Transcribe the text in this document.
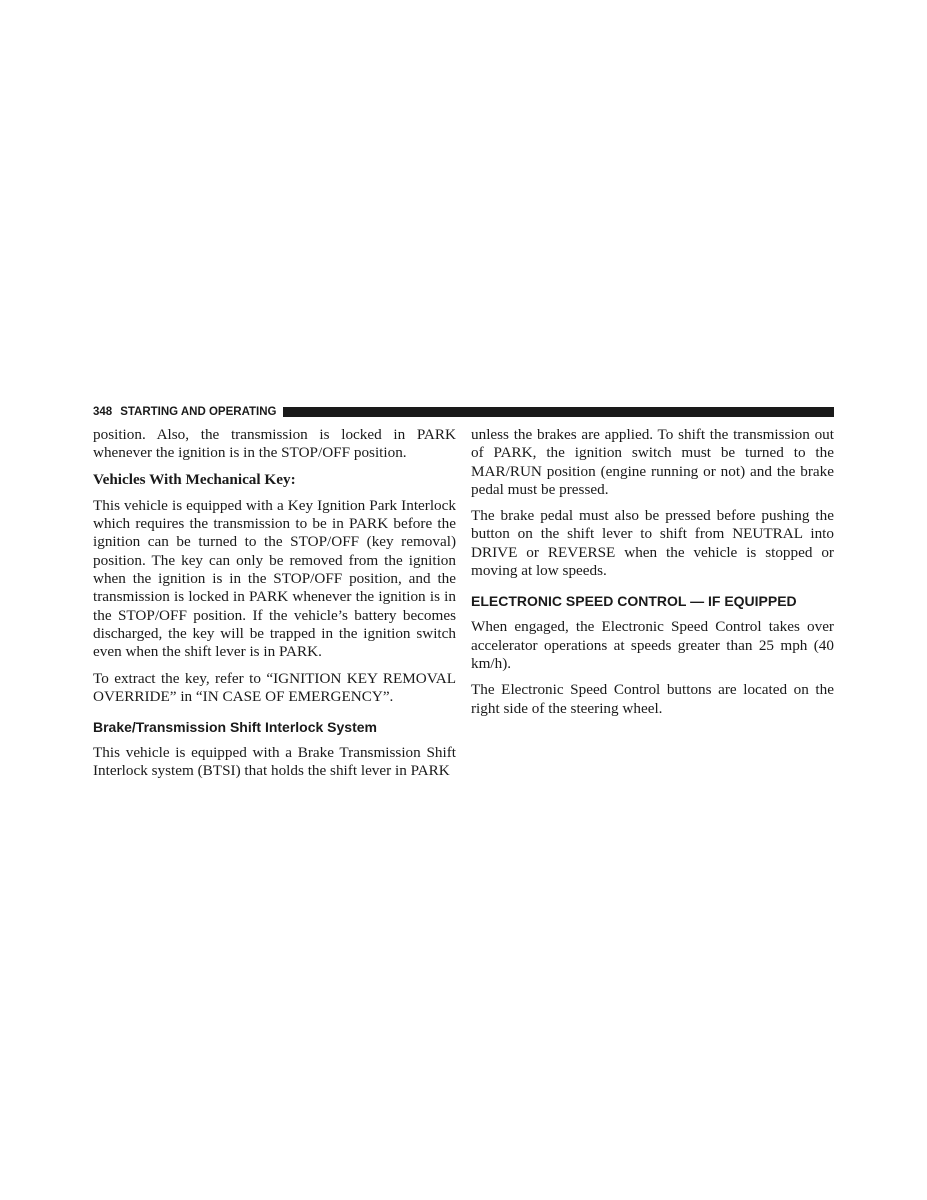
348 STARTING AND OPERATING

position. Also, the transmission is locked in PARK whenever the ignition is in the STOP/OFF position.

Vehicles With Mechanical Key:

This vehicle is equipped with a Key Ignition Park Interlock which requires the transmission to be in PARK before the ignition can be turned to the STOP/OFF (key removal) position. The key can only be removed from the ignition when the ignition is in the STOP/OFF position, and the transmission is locked in PARK whenever the ignition is in the STOP/OFF position. If the vehicle’s battery becomes discharged, the key will be trapped in the ignition switch even when the shift lever is in PARK.

To extract the key, refer to “IGNITION KEY REMOVAL OVERRIDE” in “IN CASE OF EMERGENCY”.

Brake/Transmission Shift Interlock System

This vehicle is equipped with a Brake Transmission Shift Interlock system (BTSI) that holds the shift lever in PARK

unless the brakes are applied. To shift the transmission out of PARK, the ignition switch must be turned to the MAR/RUN position (engine running or not) and the brake pedal must be pressed.

The brake pedal must also be pressed before pushing the button on the shift lever to shift from NEUTRAL into DRIVE or REVERSE when the vehicle is stopped or moving at low speeds.

ELECTRONIC SPEED CONTROL — IF EQUIPPED

When engaged, the Electronic Speed Control takes over accelerator operations at speeds greater than 25 mph (40 km/h).

The Electronic Speed Control buttons are located on the right side of the steering wheel.
